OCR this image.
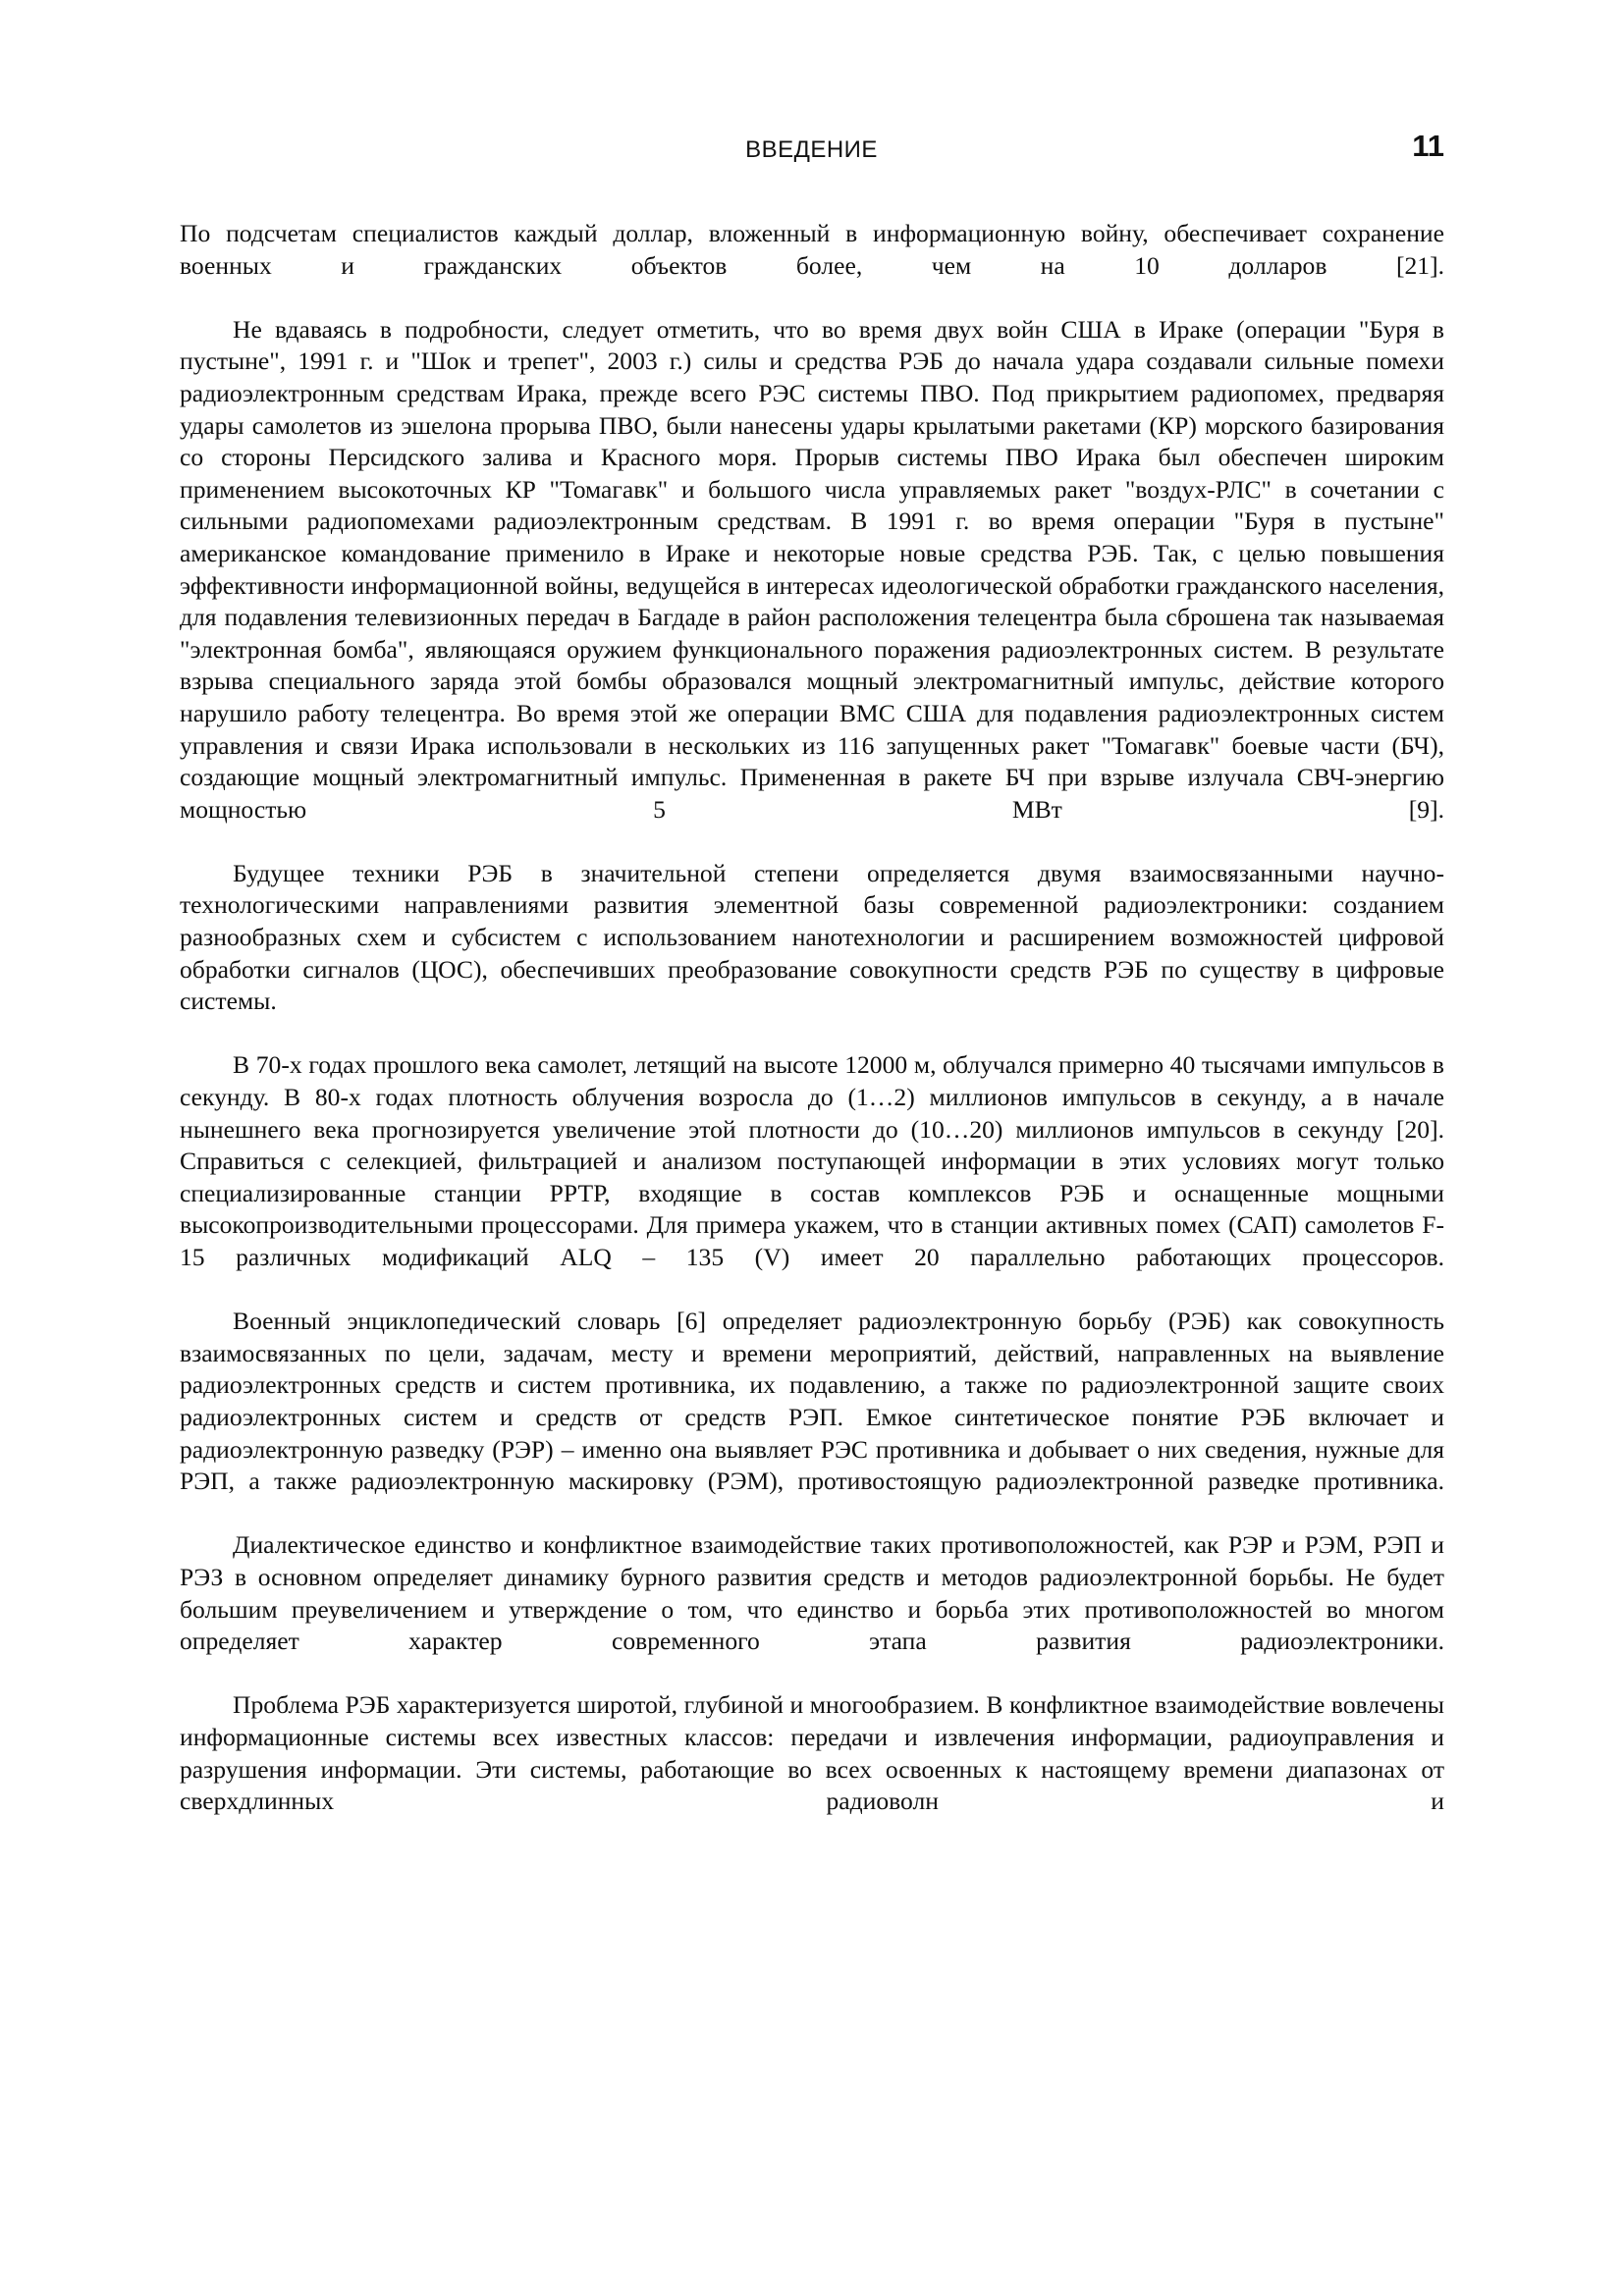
ВВЕДЕНИЕ	11

По подсчетам специалистов каждый доллар, вложенный в информационную войну, обеспечивает сохранение военных и гражданских объектов более, чем на 10 долларов [21].

Не вдаваясь в подробности, следует отметить, что во время двух войн США в Ираке (операции "Буря в пустыне", 1991 г. и "Шок и трепет", 2003 г.) силы и средства РЭБ до начала удара создавали сильные помехи радиоэлектронным средствам Ирака, прежде всего РЭС системы ПВО. Под прикрытием радиопомех, предваряя удары самолетов из эшелона прорыва ПВО, были нанесены удары крылатыми ракетами (КР) морского базирования со стороны Персидского залива и Красного моря. Прорыв системы ПВО Ирака был обеспечен широким применением высокоточных КР "Томагавк" и большого числа управляемых ракет "воздух-РЛС" в сочетании с сильными радиопомехами радиоэлектронным средствам. В 1991 г. во время операции "Буря в пустыне" американское командование применило в Ираке и некоторые новые средства РЭБ. Так, с целью повышения эффективности информационной войны, ведущейся в интересах идеологической обработки гражданского населения, для подавления телевизионных передач в Багдаде в район расположения телецентра была сброшена так называемая "электронная бомба", являющаяся оружием функционального поражения радиоэлектронных систем. В результате взрыва специального заряда этой бомбы образовался мощный электромагнитный импульс, действие которого нарушило работу телецентра. Во время этой же операции ВМС США для подавления радиоэлектронных систем управления и связи Ирака использовали в нескольких из 116 запущенных ракет "Томагавк" боевые части (БЧ), создающие мощный электромагнитный импульс. Примененная в ракете БЧ при взрыве излучала СВЧ-энергию мощностью 5 МВт [9].

Будущее техники РЭБ в значительной степени определяется двумя взаимосвязанными научно-технологическими направлениями развития элементной базы современной радиоэлектроники: созданием разнообразных схем и субсистем с использованием нанотехнологии и расширением возможностей цифровой обработки сигналов (ЦОС), обеспечивших преобразование совокупности средств РЭБ по существу в цифровые системы.

В 70-х годах прошлого века самолет, летящий на высоте 12000 м, облучался примерно 40 тысячами импульсов в секунду. В 80-х годах плотность облучения возросла до (1…2) миллионов импульсов в секунду, а в начале нынешнего века прогнозируется увеличение этой плотности до (10…20) миллионов импульсов в секунду [20]. Справиться с селекцией, фильтрацией и анализом поступающей информации в этих условиях могут только специализированные станции РРТР, входящие в состав комплексов РЭБ и оснащенные мощными высокопроизводительными процессорами. Для примера укажем, что в станции активных помех (САП) самолетов F-15 различных модификаций ALQ – 135 (V) имеет 20 параллельно работающих процессоров.

Военный энциклопедический словарь [6] определяет радиоэлектронную борьбу (РЭБ) как совокупность взаимосвязанных по цели, задачам, месту и времени мероприятий, действий, направленных на выявление радиоэлектронных средств и систем противника, их подавлению, а также по радиоэлектронной защите своих радиоэлектронных систем и средств от средств РЭП. Емкое синтетическое понятие РЭБ включает и радиоэлектронную разведку (РЭР) – именно она выявляет РЭС противника и добывает о них сведения, нужные для РЭП, а также радиоэлектронную маскировку (РЭМ), противостоящую радиоэлектронной разведке противника.

Диалектическое единство и конфликтное взаимодействие таких противоположностей, как РЭР и РЭМ, РЭП и РЭЗ в основном определяет динамику бурного развития средств и методов радиоэлектронной борьбы. Не будет большим преувеличением и утверждение о том, что единство и борьба этих противоположностей во многом определяет характер современного этапа развития радиоэлектроники.

Проблема РЭБ характеризуется широтой, глубиной и многообразием. В конфликтное взаимодействие вовлечены информационные системы всех известных классов: передачи и извлечения информации, радиоуправления и разрушения информации. Эти системы, работающие во всех освоенных к настоящему времени диапазонах от сверхдлинных радиоволн и
